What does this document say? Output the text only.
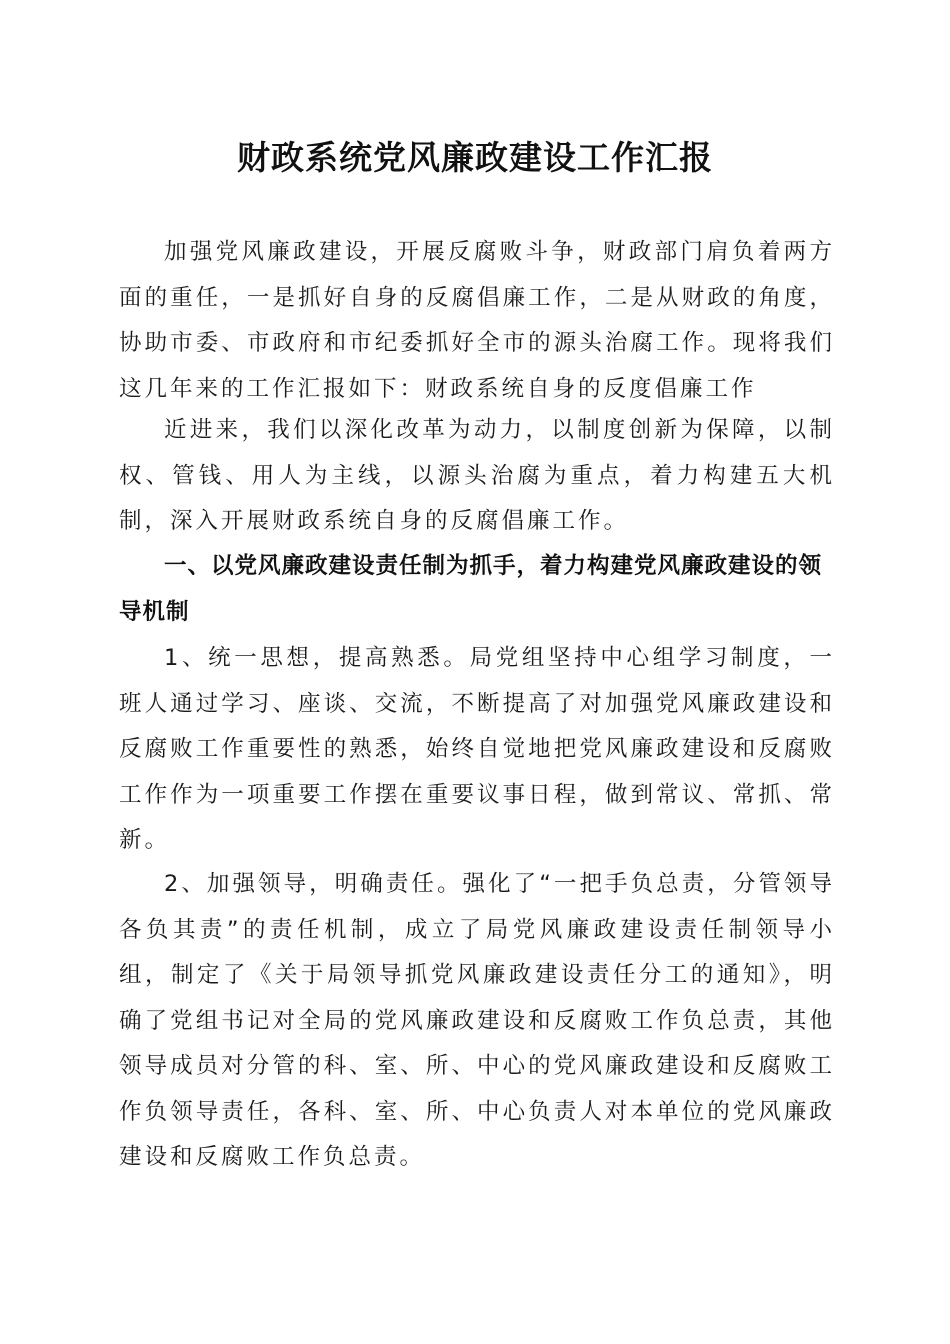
财政系统党风廉政建设工作汇报

加强党风廉政建设，开展反腐败斗争，财政部门肩负着两方面的重任，一是抓好自身的反腐倡廉工作，二是从财政的角度，协助市委、市政府和市纪委抓好全市的源头治腐工作。现将我们这几年来的工作汇报如下：财政系统自身的反度倡廉工作

近进来，我们以深化改革为动力，以制度创新为保障，以制权、管钱、用人为主线，以源头治腐为重点，着力构建五大机制，深入开展财政系统自身的反腐倡廉工作。

一、以党风廉政建设责任制为抓手，着力构建党风廉政建设的领导机制

1、统一思想，提高熟悉。局党组坚持中心组学习制度，一班人通过学习、座谈、交流，不断提高了对加强党风廉政建设和反腐败工作重要性的熟悉，始终自觉地把党风廉政建设和反腐败工作作为一项重要工作摆在重要议事日程，做到常议、常抓、常新。

2、加强领导，明确责任。强化了“一把手负总责，分管领导各负其责”的责任机制，成立了局党风廉政建设责任制领导小组，制定了《关于局领导抓党风廉政建设责任分工的通知》，明确了党组书记对全局的党风廉政建设和反腐败工作负总责，其他领导成员对分管的科、室、所、中心的党风廉政建设和反腐败工作负领导责任，各科、室、所、中心负责人对本单位的党风廉政建设和反腐败工作负总责。
